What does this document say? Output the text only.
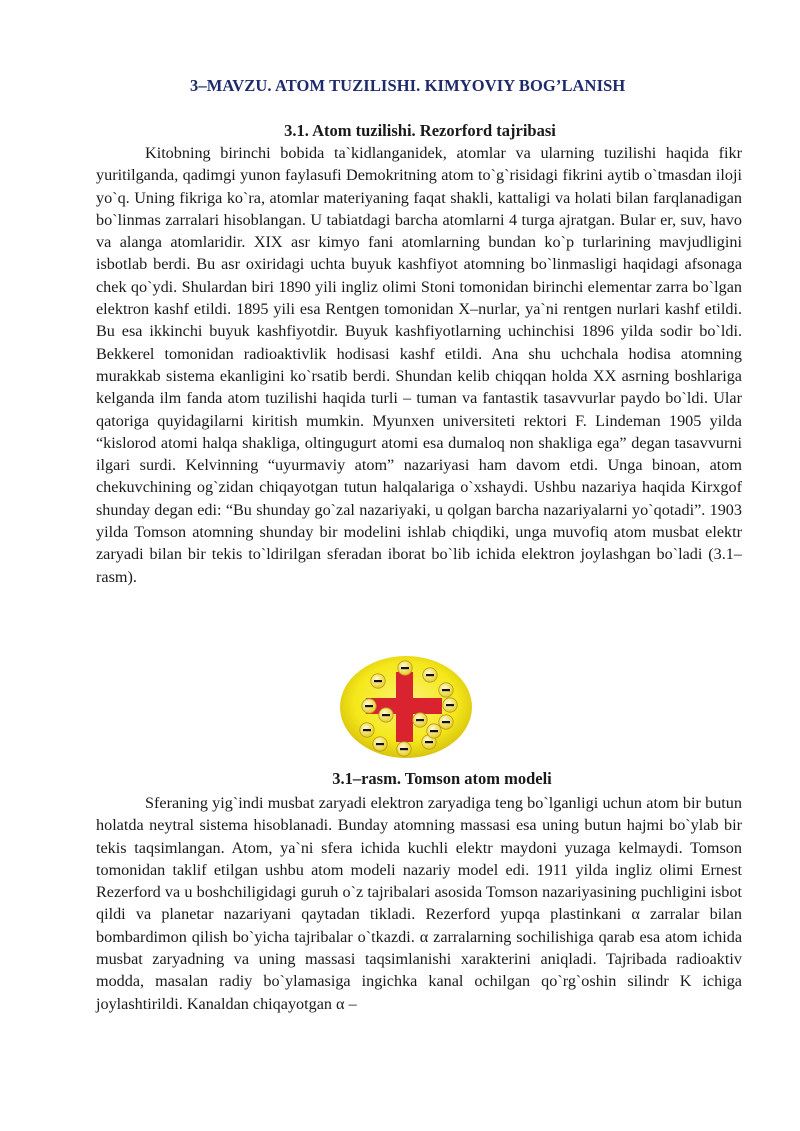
3–MAVZU. ATOM TUZILISHI. KIMYOVIY BOG’LANISH
3.1. Atom tuzilishi. Rezorford tajribasi

Kitobning birinchi bobida ta`kidlanganidek, atomlar va ularning tuzilishi haqida fikr yuritilganda, qadimgi yunon faylasufi Demokritning atom to`g`risidagi fikrini aytib o`tmasdan iloji yo`q. Uning fikriga ko`ra, atomlar materiyaning faqat shakli, kattaligi va holati bilan farqlanadigan bo`linmas zarralari hisoblangan. U tabiatdagi barcha atomlarni 4 turga ajratgan. Bular er, suv, havo va alanga atomlaridir. XIX asr kimyo fani atomlarning bundan ko`p turlarining mavjudligini isbotlab berdi. Bu asr oxiridagi uchta buyuk kashfiyot atomning bo`linmasligi haqidagi afsonaga chek qo`ydi. Shulardan biri 1890 yili ingliz olimi Stoni tomonidan birinchi elementar zarra bo`lgan elektron kashf etildi. 1895 yili esa Rentgen tomonidan X–nurlar, ya`ni rentgen nurlari kashf etildi. Bu esa ikkinchi buyuk kashfiyotdir. Buyuk kashfiyotlarning uchinchisi 1896 yilda sodir bo`ldi. Bekkerel tomonidan radioaktivlik hodisasi kashf etildi. Ana shu uchchala hodisa atomning murakkab sistema ekanligini ko`rsatib berdi. Shundan kelib chiqqan holda XX asrning boshlariga kelganda ilm fanda atom tuzilishi haqida turli – tuman va fantastik tasavvurlar paydo bo`ldi. Ular qatoriga quyidagilarni kiritish mumkin. Myunxen universiteti rektori F. Lindeman 1905 yilda “kislorod atomi halqa shakliga, oltingugurt atomi esa dumaloq non shakliga ega” degan tasavvurni ilgari surdi. Kelvinning “uyurmaviy atom” nazariyasi ham davom etdi. Unga binoan, atom chekuvchining og`zidan chiqayotgan tutun halqalariga o`xshaydi. Ushbu nazariya haqida Kirxgof shunday degan edi: “Bu shunday go`zal nazariyaki, u qolgan barcha nazariyalarni yo`qotadi”. 1903 yilda Tomson atomning shunday bir modelini ishlab chiqdiki, unga muvofiq atom musbat elektr zaryadi bilan bir tekis to`ldirilgan sferadan iborat bo`lib ichida elektron joylashgan bo`ladi (3.1–rasm).

3.1–rasm. Tomson atom modeli

Sferaning yig`indi musbat zaryadi elektron zaryadiga teng bo`lganligi uchun atom bir butun holatda neytral sistema hisoblanadi. Bunday atomning massasi esa uning butun hajmi bo`ylab bir tekis taqsimlangan. Atom, ya`ni sfera ichida kuchli elektr maydoni yuzaga kelmaydi. Tomson tomonidan taklif etilgan ushbu atom modeli nazariy model edi. 1911 yilda ingliz olimi Ernest Rezerford va u boshchiligidagi guruh o`z tajribalari asosida Tomson nazariyasining puchligini isbot qildi va planetar nazariyani qaytadan tikladi. Rezerford yupqa plastinkani α zarralar bilan bombardimon qilish bo`yicha tajribalar o`tkazdi. α zarralarning sochilishiga qarab esa atom ichida musbat zaryadning va uning massasi taqsimlanishi xarakterini aniqladi. Tajribada radioaktiv modda, masalan radiy bo`ylamasiga ingichka kanal ochilgan qo`rg`oshin silindr K ichiga joylashtirildi. Kanaldan chiqayotgan α –
